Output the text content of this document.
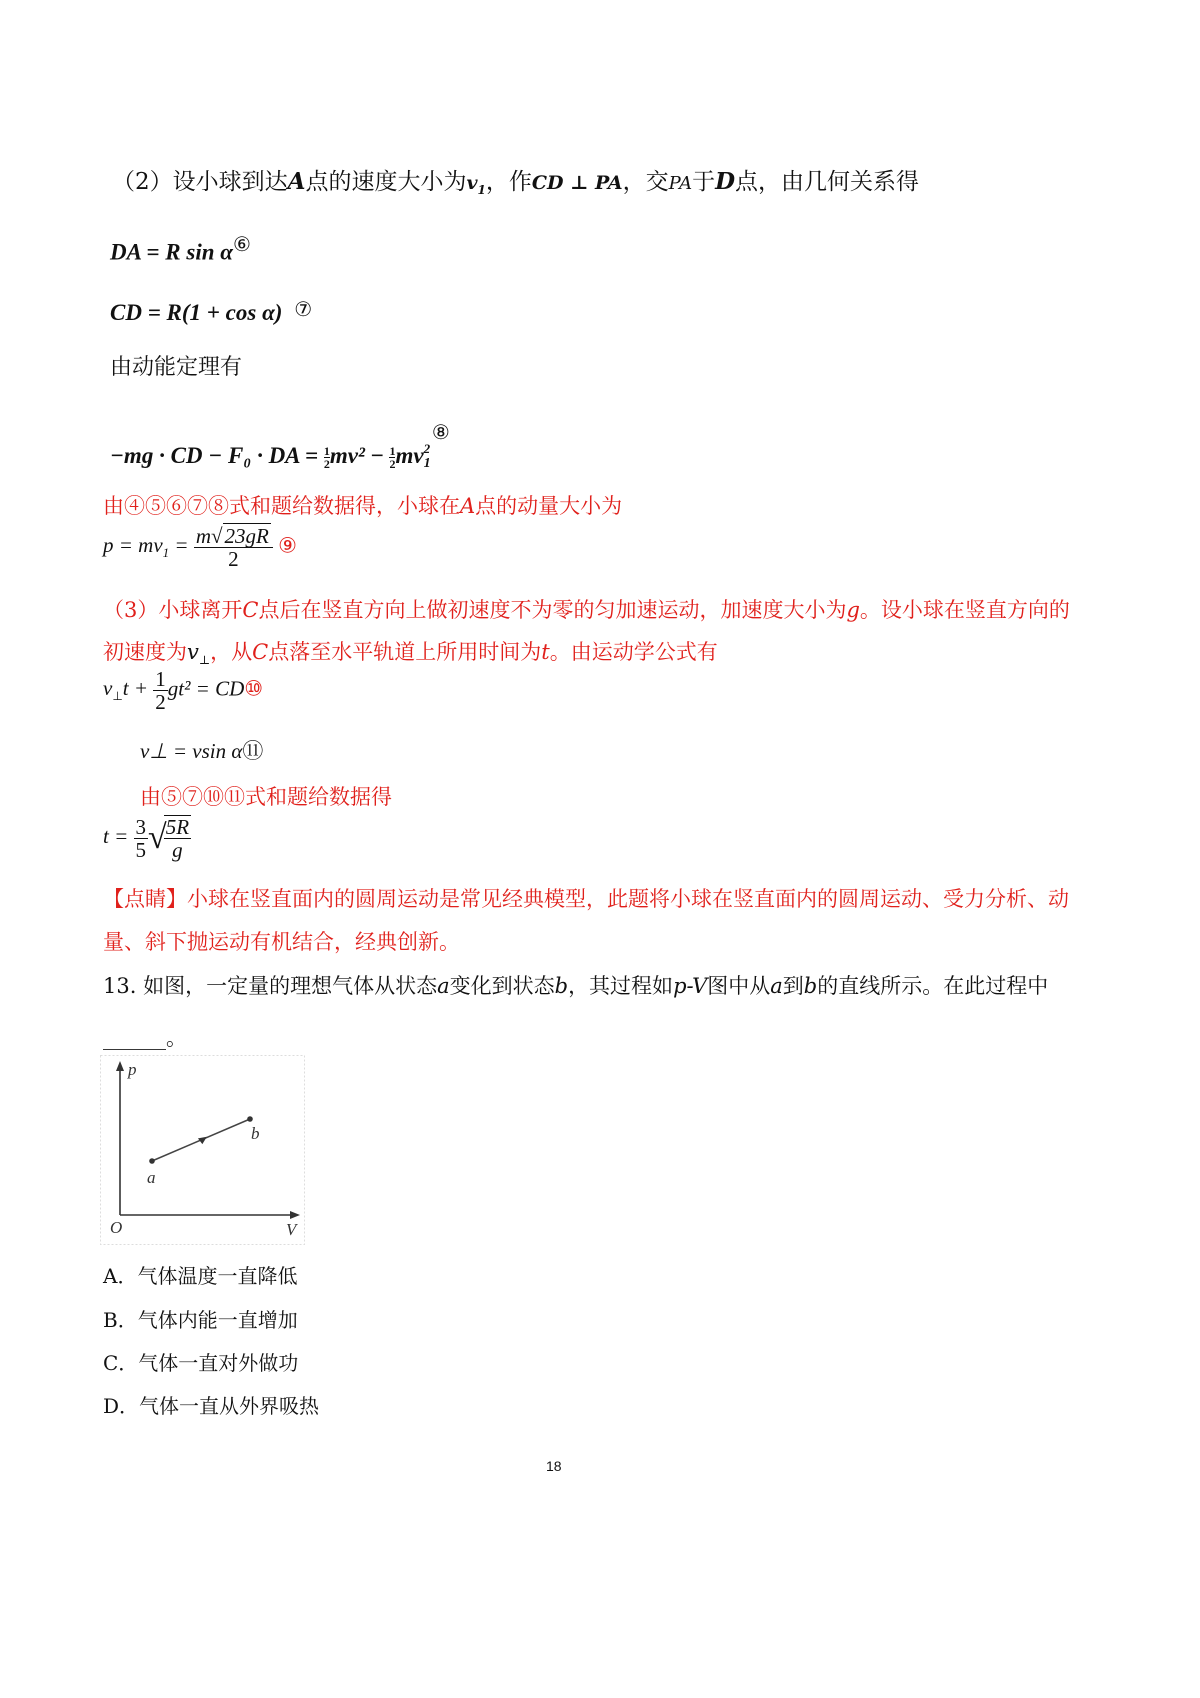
（2）设小球到达A点的速度大小为$v_1$，作CD ⊥ PA，交PA于D点，由几何关系得
DA = R sin α⑥
CD = R(1 + cos α) ⑦
由动能定理有
−mg · CD − F₀ · DA = $\frac{1}{2} mv^2 - \frac{1}{2} mv1^2$ ⑧
由④⑤⑥⑦⑧式和题给数据得，小球在A点的动量大小为
$p = mv_1 = \frac{m√23gR}{2}$ ⑨
（3）小球离开C点后在竖直方向上做初速度不为零的匀加速运动，加速度大小为g。设小球在竖直方向的
初速度为$v_\perp$，从C点落至水平轨道上所用时间为t。由运动学公式有
$v_\perp t + \frac{1}{2} gt^2$ = CD⑩
v⊥ = vsin α⑪
由⑤⑦⑩⑪式和题给数据得
$t = \frac{3}{5}$ √
$\frac{5R}{g}$
【点睛】小球在竖直面内的圆周运动是常见经典模型，此题将小球在竖直面内的圆周运动、受力分析、动
量、斜下抛运动有机结合，经典创新。
13. 如图，一定量的理想气体从状态a变化到状态b，其过程如p-V图中从a到b的直线所示。在此过程中
______。
p
V
O
a
b
A．气体温度一直降低
B．气体内能一直增加
C．气体一直对外做功
D．气体一直从外界吸热
18
